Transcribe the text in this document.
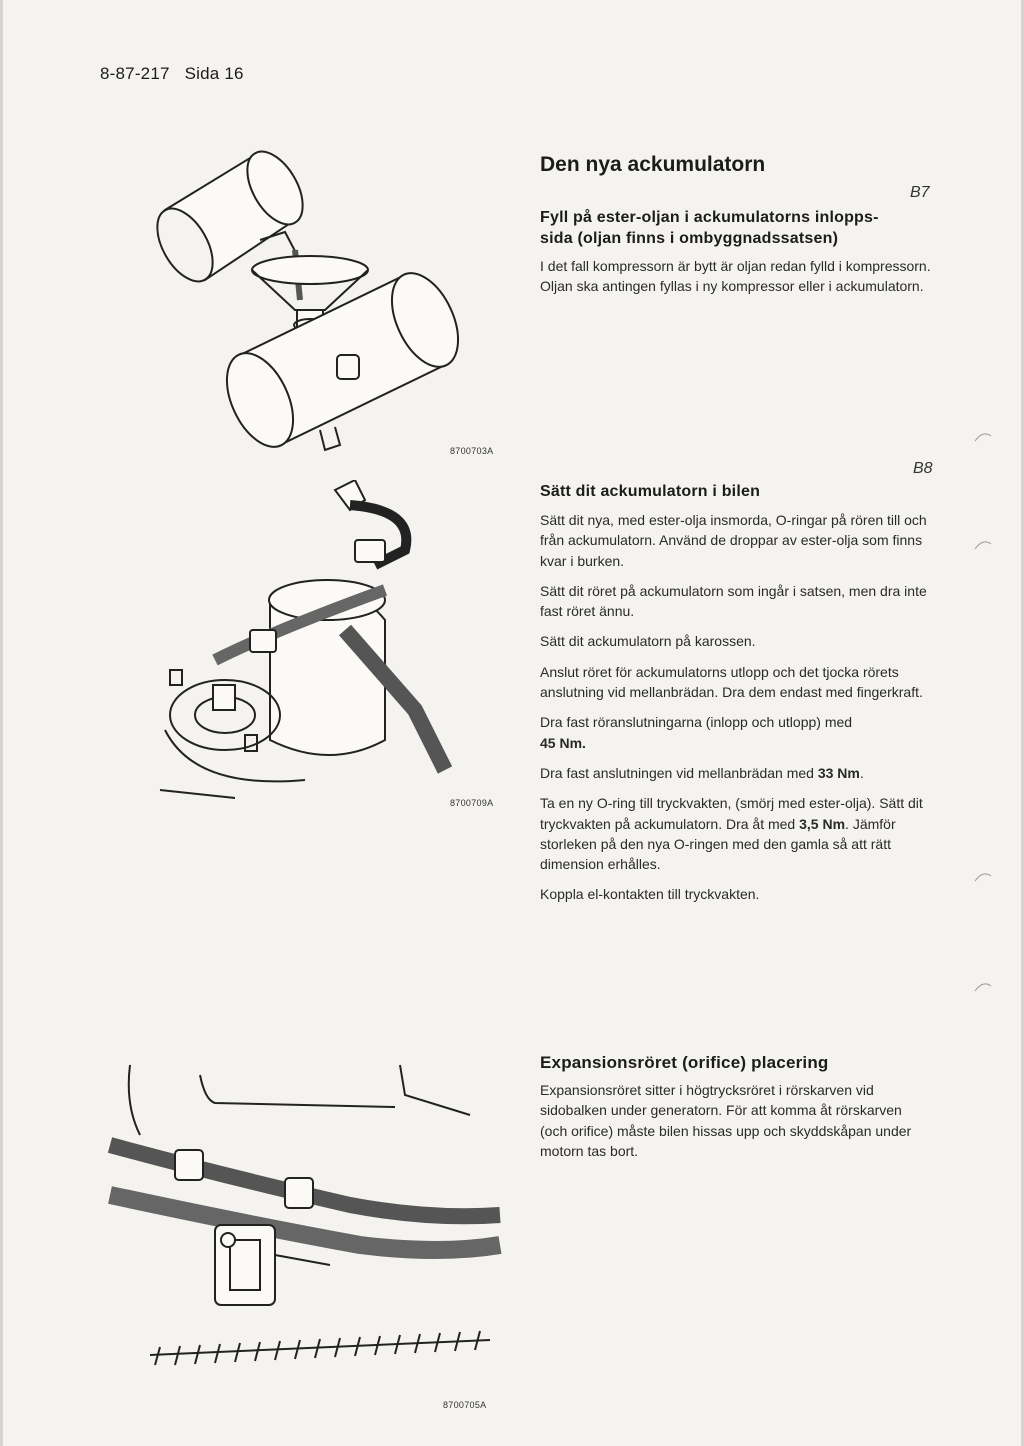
8-87-217 Sida 16
8700703A
Den nya ackumulatorn
B7
Fyll på ester-oljan i ackumulatorns inlopps-
sida (oljan finns i ombyggnadssatsen)

I det fall kompressorn är bytt är oljan redan fylld i kompressorn. Oljan ska antingen fyllas i ny kompressor eller i ackumulatorn.

8700709A
B8
Sätt dit ackumulatorn i bilen

Sätt dit nya, med ester-olja insmorda, O-ringar på rören till och från ackumulatorn. Använd de droppar av ester-olja som finns kvar i burken.

Sätt dit röret på ackumulatorn som ingår i satsen, men dra inte fast röret ännu.

Sätt dit ackumulatorn på karossen.

Anslut röret för ackumulatorns utlopp och det tjocka rörets anslutning vid mellanbrädan. Dra dem endast med fingerkraft.

Dra fast röranslutningarna (inlopp och utlopp) med
45 Nm.

Dra fast anslutningen vid mellanbrädan med 33 Nm.

Ta en ny O-ring till tryckvakten, (smörj med ester-olja). Sätt dit tryckvakten på ackumulatorn. Dra åt med 3,5 Nm. Jämför storleken på den nya O-ringen med den gamla så att rätt dimension erhålles.

Koppla el-kontakten till tryckvakten.

8700705A
Expansionsröret (orifice) placering

Expansionsröret sitter i högtrycksröret i rörskarven vid sidobalken under generatorn. För att komma åt rörskarven (och orifice) måste bilen hissas upp och skyddskåpan under motorn tas bort.
